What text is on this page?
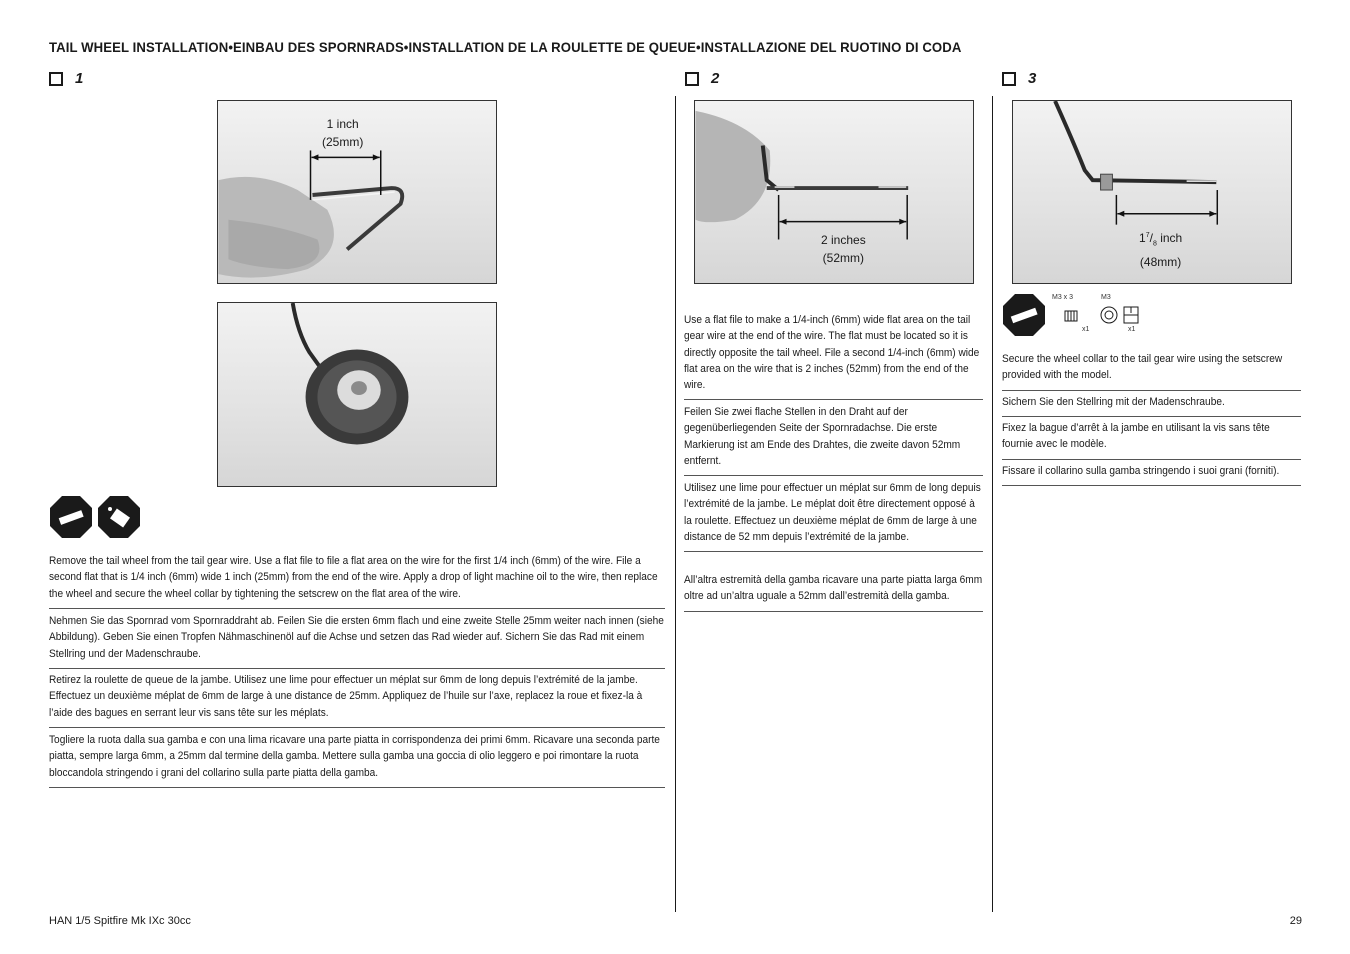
TAIL WHEEL INSTALLATION•EINBAU DES SPORNRADS•INSTALLATION DE LA ROULETTE DE QUEUE•INSTALLAZIONE DEL RUOTINO DI CODA
1	2	3
1 inch
(25mm)
Remove the tail wheel from the tail gear wire. Use a flat file to file a flat area on the wire for the first 1/4 inch (6mm) of the wire. File a second flat that is 1/4 inch (6mm) wide 1 inch (25mm) from the end of the wire. Apply a drop of light machine oil to the wire, then replace the wheel and secure the wheel collar by tightening the setscrew on the flat area of the wire.
Nehmen Sie das Spornrad vom Spornraddraht ab. Feilen Sie die ersten 6mm flach und eine zweite Stelle 25mm weiter nach innen (siehe Abbildung). Geben Sie einen Tropfen Nähmaschinenöl auf die Achse und setzen das Rad wieder auf. Sichern Sie das Rad mit einem Stellring und der Madenschraube.
Retirez la roulette de queue de la jambe. Utilisez une lime pour effectuer un méplat sur 6mm de long depuis l’extrémité de la jambe. Effectuez un deuxième méplat de 6mm de large à une distance de 25mm. Appliquez de l’huile sur l’axe, replacez la roue et fixez-la à l’aide des bagues en serrant leur vis sans tête sur les méplats.
Togliere la ruota dalla sua gamba e con una lima ricavare una parte piatta in corrispondenza dei primi 6mm. Ricavare una seconda parte piatta, sempre larga 6mm, a 25mm dal termine della gamba. Mettere sulla gamba una goccia di olio leggero e poi rimontare la ruota bloccandola stringendo i grani del collarino sulla parte piatta della gamba.
2 inches
(52mm)
Use a flat file to make a 1/4-inch (6mm) wide flat area on the tail gear wire at the end of the wire. The flat must be located so it is directly opposite the tail wheel. File a second 1/4-inch (6mm) wide flat area on the wire that is 2 inches (52mm) from the end of the wire.
Feilen Sie zwei flache Stellen in den Draht auf der gegenüberliegenden Seite der Spornradachse. Die erste Markierung ist am Ende des Drahtes, die zweite davon 52mm entfernt.
Utilisez une lime pour effectuer un méplat sur 6mm de long depuis l’extrémité de la jambe. Le méplat doit être directement opposé à la roulette. Effectuez un deuxième méplat de 6mm de large à une distance de 52 mm depuis l’extrémité de la jambe.
All’altra estremità della gamba ricavare una parte piatta larga 6mm oltre ad un’altra uguale a 52mm dall’estremità della gamba.
$1^7/_8$ inch
(48mm)
M3 x 3
x1
M3
x1
Secure the wheel collar to the tail gear wire using the setscrew provided with the model.
Sichern Sie den Stellring mit der Madenschraube.
Fixez la bague d’arrêt à la jambe en utilisant la vis sans tête fournie avec le modèle.
Fissare il collarino sulla gamba stringendo i suoi grani (forniti).
HAN 1/5 Spitfire Mk IXc 30cc	29
